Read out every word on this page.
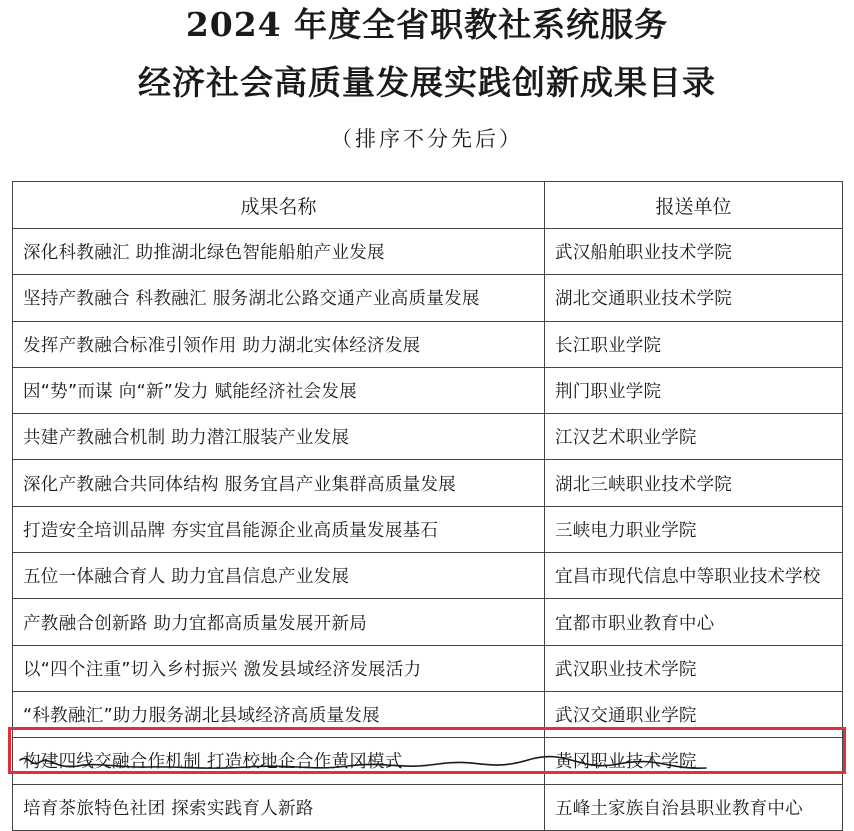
2024 年度全省职教社系统服务
经济社会高质量发展实践创新成果目录
（排序不分先后）
成果名称	报送单位
深化科教融汇 助推湖北绿色智能船舶产业发展	武汉船舶职业技术学院
坚持产教融合 科教融汇 服务湖北公路交通产业高质量发展	湖北交通职业技术学院
发挥产教融合标准引领作用 助力湖北实体经济发展	长江职业学院
因“势”而谋 向“新”发力 赋能经济社会发展	荆门职业学院
共建产教融合机制 助力潜江服装产业发展	江汉艺术职业学院
深化产教融合共同体结构 服务宜昌产业集群高质量发展	湖北三峡职业技术学院
打造安全培训品牌 夯实宜昌能源企业高质量发展基石	三峡电力职业学院
五位一体融合育人 助力宜昌信息产业发展	宜昌市现代信息中等职业技术学校
产教融合创新路 助力宜都高质量发展开新局	宜都市职业教育中心
以“四个注重”切入乡村振兴 激发县域经济发展活力	武汉职业技术学院
“科教融汇”助力服务湖北县域经济高质量发展	武汉交通职业学院
构建四线交融合作机制 打造校地企合作黄冈模式	黄冈职业技术学院
培育茶旅特色社团 探索实践育人新路	五峰土家族自治县职业教育中心
